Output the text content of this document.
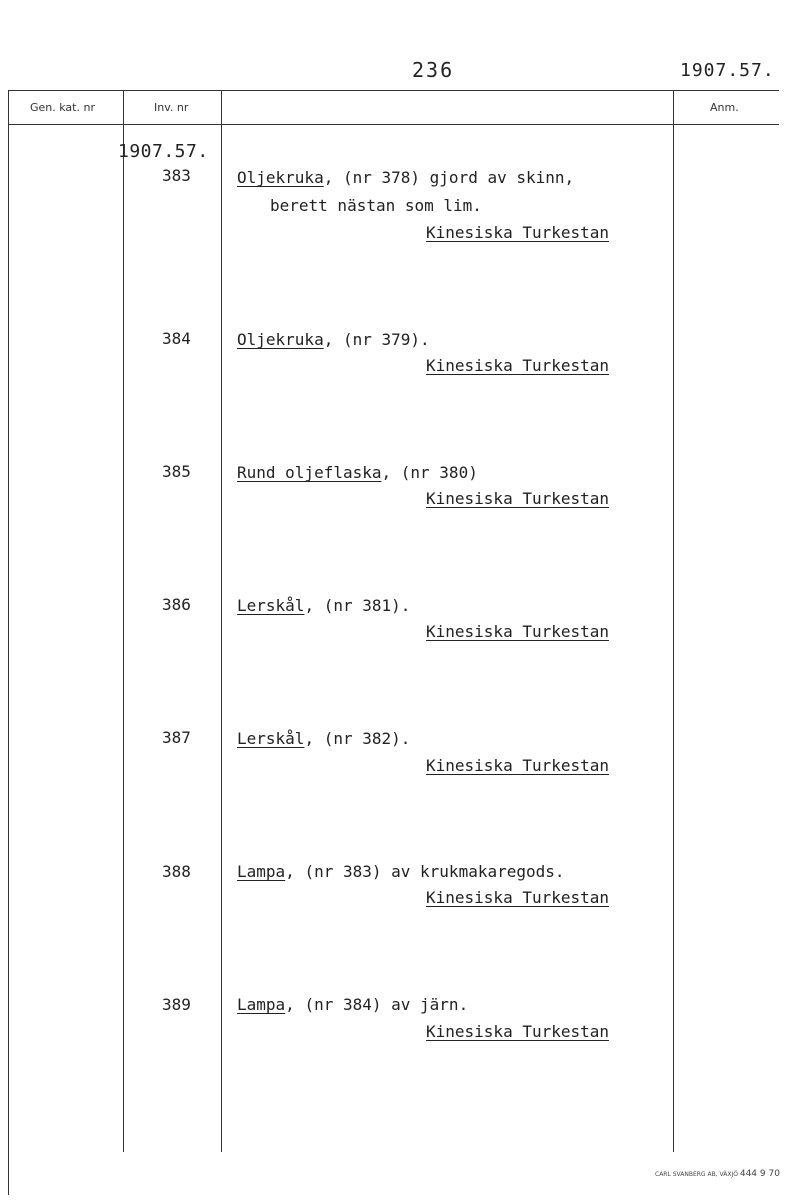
236	1907.57.
Gen. kat. nr	Inv. nr	Anm.
1907.57.
383	Oljekruka, (nr 378) gjord av skinn,
berett nästan som lim.
Kinesiska Turkestan
384	Oljekruka, (nr 379).
Kinesiska Turkestan
385	Rund oljeflaska, (nr 380)
Kinesiska Turkestan
386	Lerskål, (nr 381).
Kinesiska Turkestan
387	Lerskål, (nr 382).
Kinesiska Turkestan
388	Lampa, (nr 383) av krukmakaregods.
Kinesiska Turkestan
389	Lampa, (nr 384) av järn.
Kinesiska Turkestan
CARL SVANBERG AB, VÄXJÖ 444 9 70
